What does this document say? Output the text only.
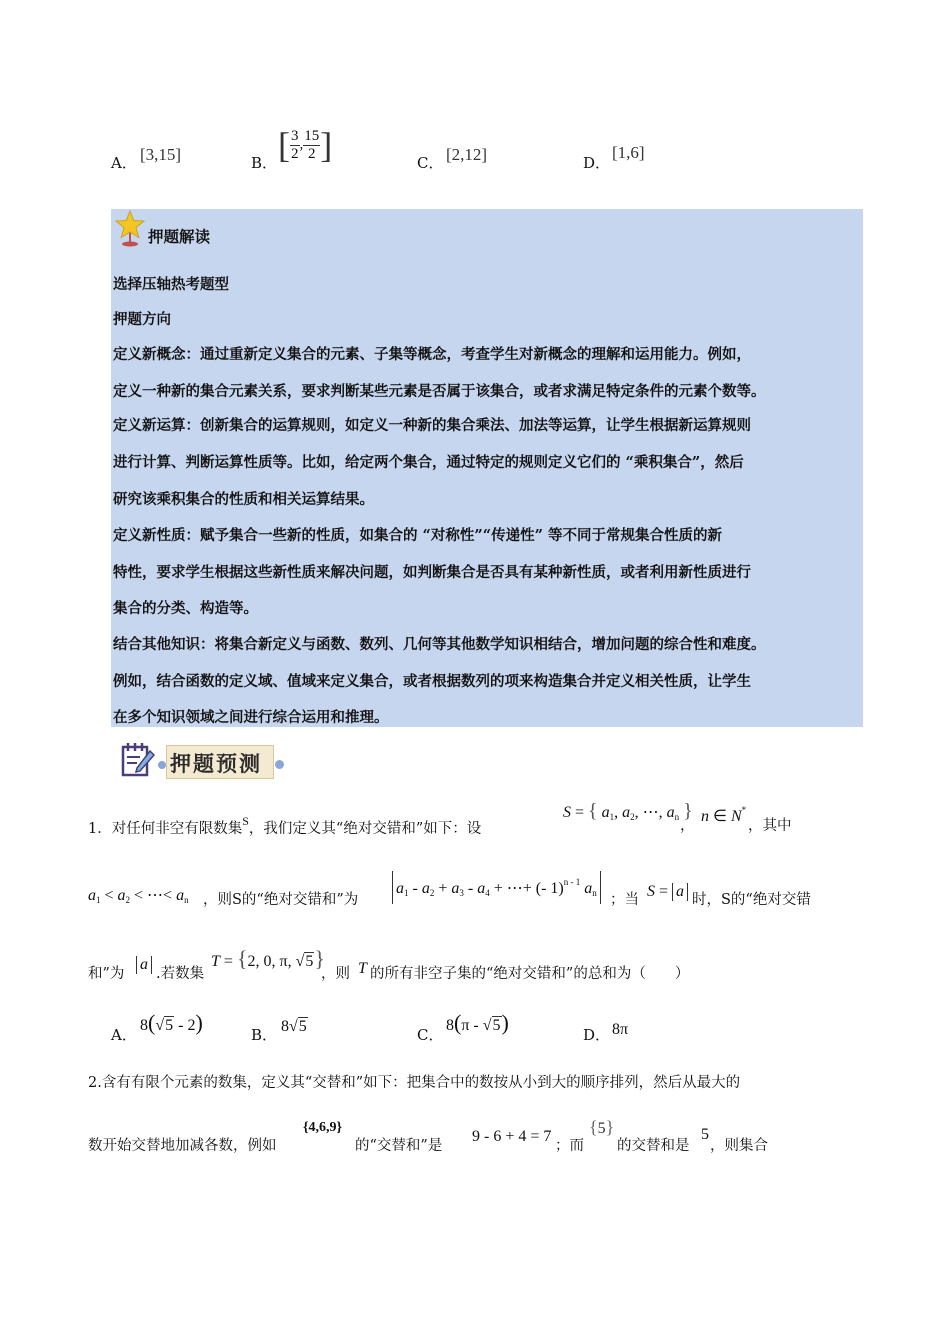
A． [3,15]	B． [ $\frac{3}{2}$ , $\frac{15}{2}$ ]	C． [2,12]	D．
[1,6]
押题解读
选择压轴热考题型
押题方向
定义新概念：通过重新定义集合的元素、子集等概念，考查学生对新概念的理解和运用能力。例如，
定义一种新的集合元素关系，要求判断某些元素是否属于该集合，或者求满足特定条件的元素个数等。
定义新运算：创新集合的运算规则，如定义一种新的集合乘法、加法等运算，让学生根据新运算规则
进行计算、判断运算性质等。比如，给定两个集合，通过特定的规则定义它们的 “乘积集合”，然后
研究该乘积集合的性质和相关运算结果。
定义新性质：赋予集合一些新的性质，如集合的 “对称性”“传递性” 等不同于常规集合性质的新
特性，要求学生根据这些新性质来解决问题，如判断集合是否具有某种新性质，或者利用新性质进行
集合的分类、构造等。
结合其他知识：将集合新定义与函数、数列、几何等其他数学知识相结合，增加问题的综合性和难度。
例如，结合函数的定义域、值域来定义集合，或者根据数列的项来构造集合并定义相关性质，让学生
在多个知识领域之间进行综合运用和推理。
押题预测
1．对任何非空有限数集$^S$，我们定义其“绝对交错和”如下：设
S = { $a_1$, $a_2$, ⋯, $a_n$ }
，
n ∈ N*
，其中
$a_1 < a_2$ < ⋯< $a_n$ ，则S的“绝对交错和”为
$a_1 - a_2 + a_3 - a_4$ + ⋯+ (- 1)$^{n - 1}$ $a_n$ ；当 S = a 时，S的“绝对交错
和”为
a
.若数集
T = {2, 0, π, √5}
，则 T 的所有非空子集的“绝对交错和”的总和为（　　）
A．
8(√5 - 2)	B． 8√5	C．
8(π - √5)	D． 8π
2.含有有限个元素的数集，定义其“交替和”如下：把集合中的数按从小到大的顺序排列，然后从最大的
数开始交替地加减各数，例如
{4,6,9}
的“交替和”是
9 - 6 + 4 = 7
；而
{5}
的交替和是
5
，则集合
